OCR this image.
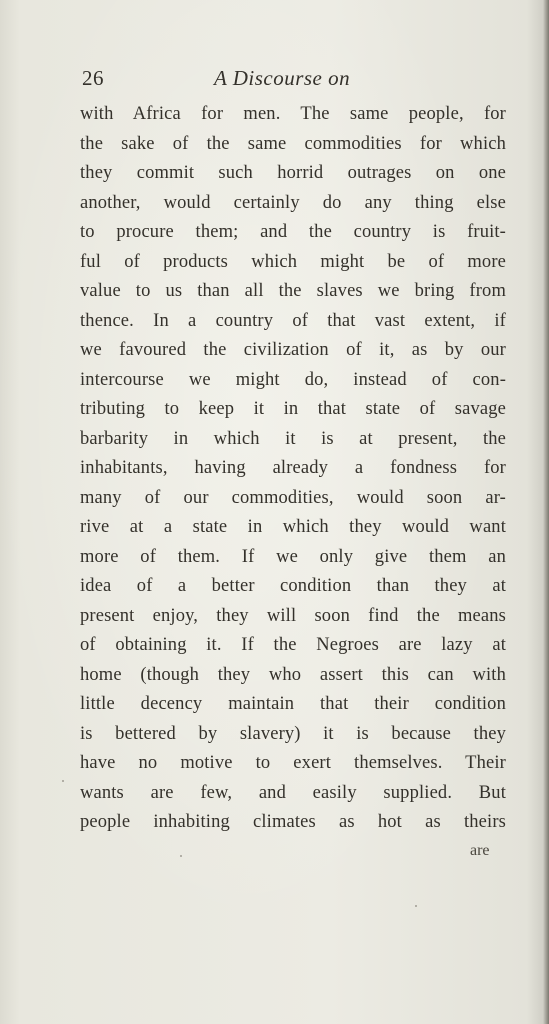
26	A Discourse on
with Africa for men. The same people, for
the sake of the same commodities for which
they commit such horrid outrages on one
another, would certainly do any thing else
to procure them; and the country is fruit-
ful of products which might be of more
value to us than all the slaves we bring from
thence. In a country of that vast extent, if
we favoured the civilization of it, as by our
intercourse we might do, instead of con-
tributing to keep it in that state of savage
barbarity in which it is at present, the
inhabitants, having already a fondness for
many of our commodities, would soon ar-
rive at a state in which they would want
more of them. If we only give them an
idea of a better condition than they at
present enjoy, they will soon find the means
of obtaining it. If the Negroes are lazy at
home (though they who assert this can with
little decency maintain that their condition
is bettered by slavery) it is because they
have no motive to exert themselves. Their
wants are few, and easily supplied. But
people inhabiting climates as hot as theirs
are
